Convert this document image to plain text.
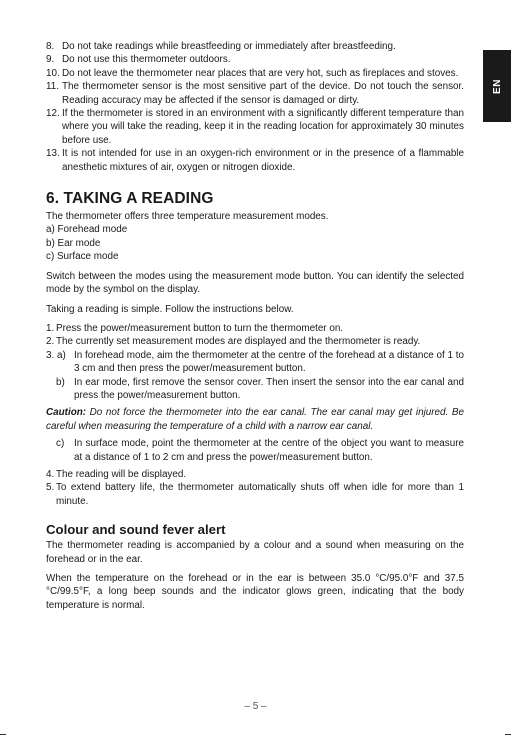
EN

8. Do not take readings while breastfeeding or immediately after breastfeeding.

9. Do not use this thermometer outdoors.

10. Do not leave the thermometer near places that are very hot, such as fireplaces and stoves.

11. The thermometer sensor is the most sensitive part of the device. Do not touch the sensor. Reading accuracy may be affected if the sensor is damaged or dirty.

12. If the thermometer is stored in an environment with a significantly different temperature than where you will take the reading, keep it in the reading location for approximately 30 minutes before use.

13. It is not intended for use in an oxygen-rich environment or in the presence of a flammable anesthetic mixtures of air, oxygen or nitrogen dioxide.

6. TAKING A READING

The thermometer offers three temperature measurement modes.

a) Forehead mode

b) Ear mode

c) Surface mode

Switch between the modes using the measurement mode button. You can identify the selected mode by the symbol on the display.

Taking a reading is simple. Follow the instructions below.

1. Press the power/measurement button to turn the thermometer on.

2. The currently set measurement modes are displayed and the thermometer is ready.

3. a) In forehead mode, aim the thermometer at the centre of the forehead at a distance of 1 to 3 cm and then press the power/measurement button.

b) In ear mode, first remove the sensor cover. Then insert the sensor into the ear canal and press the power/measurement button.

Caution: Do not force the thermometer into the ear canal. The ear canal may get injured. Be careful when measuring the temperature of a child with a narrow ear canal.

c) In surface mode, point the thermometer at the centre of the object you want to measure at a distance of 1 to 2 cm and press the power/measurement button.

4. The reading will be displayed.

5. To extend battery life, the thermometer automatically shuts off when idle for more than 1 minute.

Colour and sound fever alert

The thermometer reading is accompanied by a colour and a sound when measuring on the forehead or in the ear.

When the temperature on the forehead or in the ear is between 35.0 °C/95.0°F and 37.5 °C/99.5°F, a long beep sounds and the indicator glows green, indicating that the body temperature is normal.

– 5 –
